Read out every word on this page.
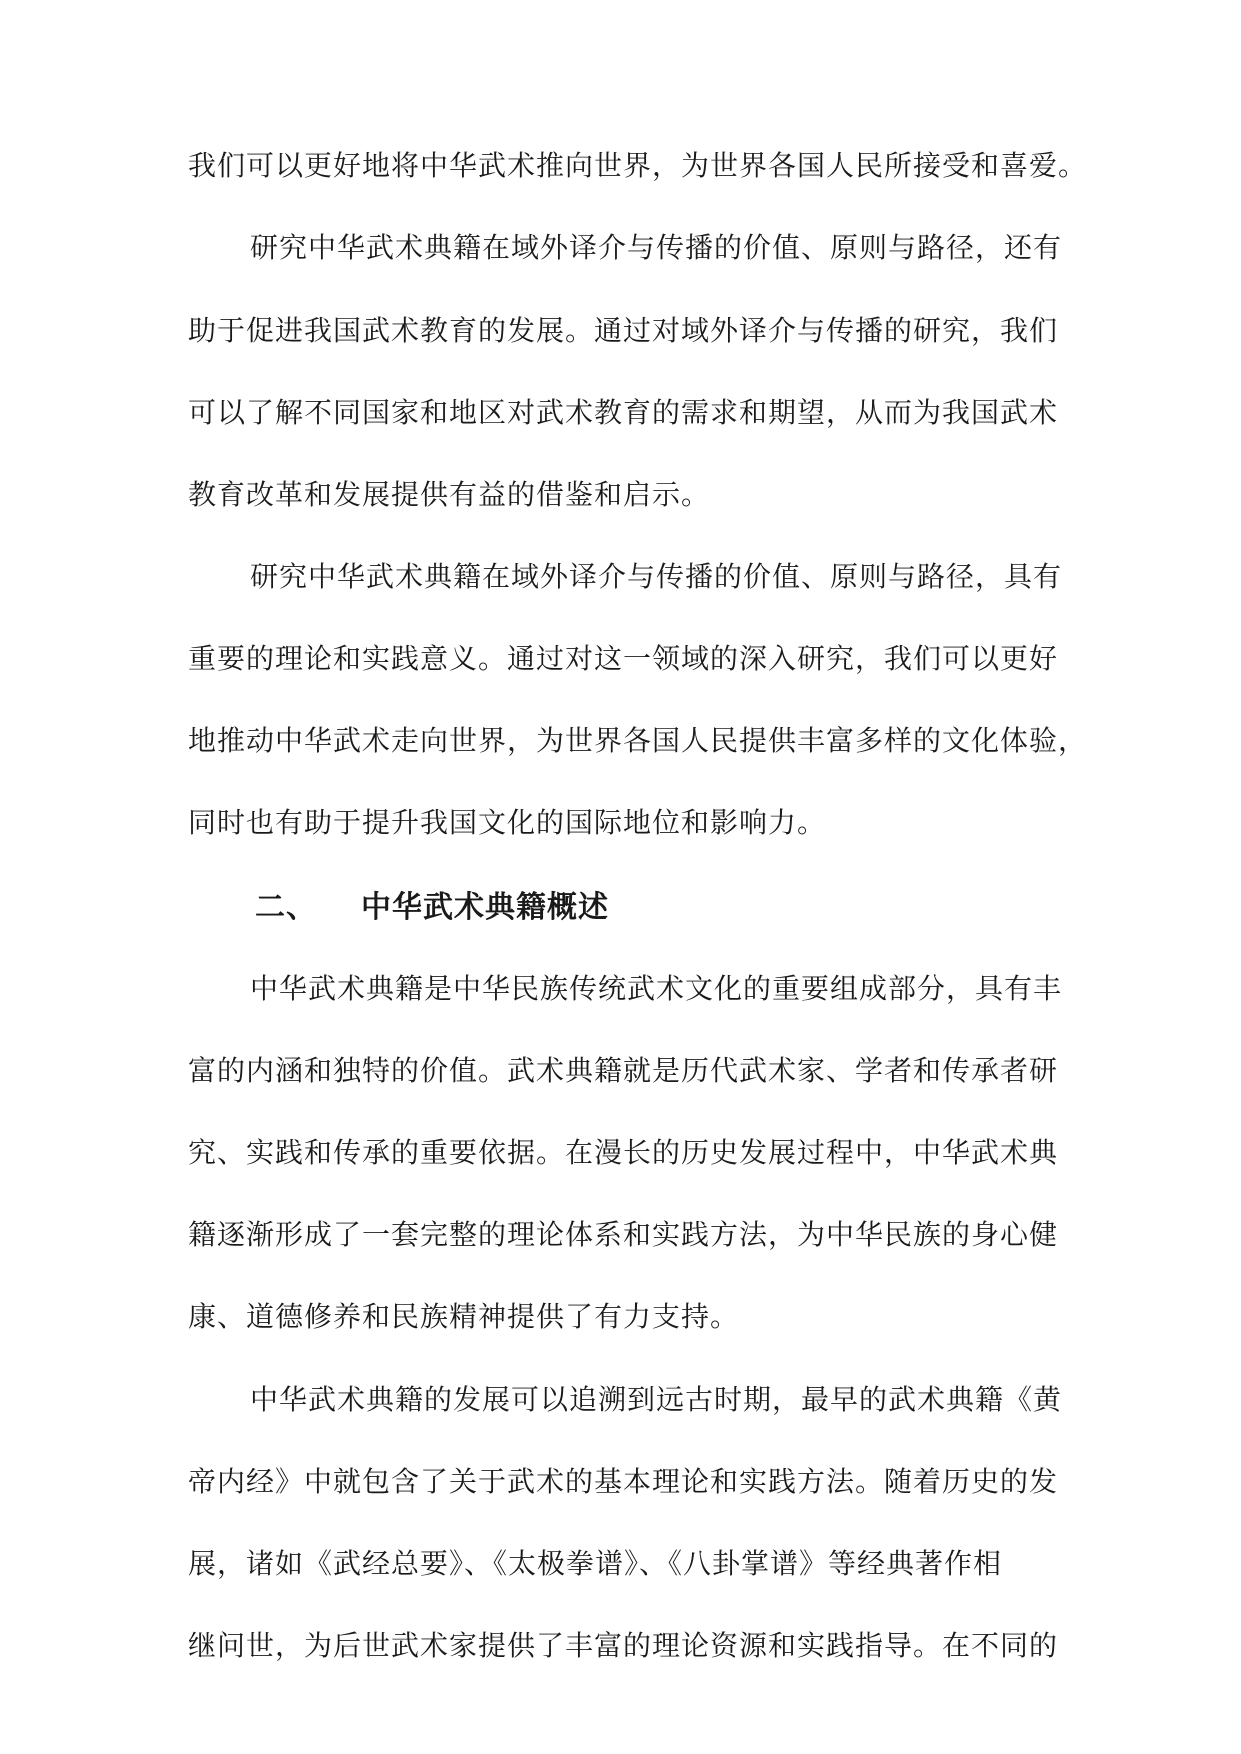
我们可以更好地将中华武术推向世界，为世界各国人民所接受和喜爱。
研究中华武术典籍在域外译介与传播的价值、原则与路径，还有
助于促进我国武术教育的发展。通过对域外译介与传播的研究，我们
可以了解不同国家和地区对武术教育的需求和期望，从而为我国武术
教育改革和发展提供有益的借鉴和启示。
研究中华武术典籍在域外译介与传播的价值、原则与路径，具有
重要的理论和实践意义。通过对这一领域的深入研究，我们可以更好
地推动中华武术走向世界，为世界各国人民提供丰富多样的文化体验，
同时也有助于提升我国文化的国际地位和影响力。
二、 中华武术典籍概述
中华武术典籍是中华民族传统武术文化的重要组成部分，具有丰
富的内涵和独特的价值。武术典籍就是历代武术家、学者和传承者研
究、实践和传承的重要依据。在漫长的历史发展过程中，中华武术典
籍逐渐形成了一套完整的理论体系和实践方法，为中华民族的身心健
康、道德修养和民族精神提供了有力支持。
中华武术典籍的发展可以追溯到远古时期，最早的武术典籍《黄
帝内经》中就包含了关于武术的基本理论和实践方法。随着历史的发
展，诸如《武经总要》、《太极拳谱》、《八卦掌谱》等经典著作相
继问世，为后世武术家提供了丰富的理论资源和实践指导。在不同的
